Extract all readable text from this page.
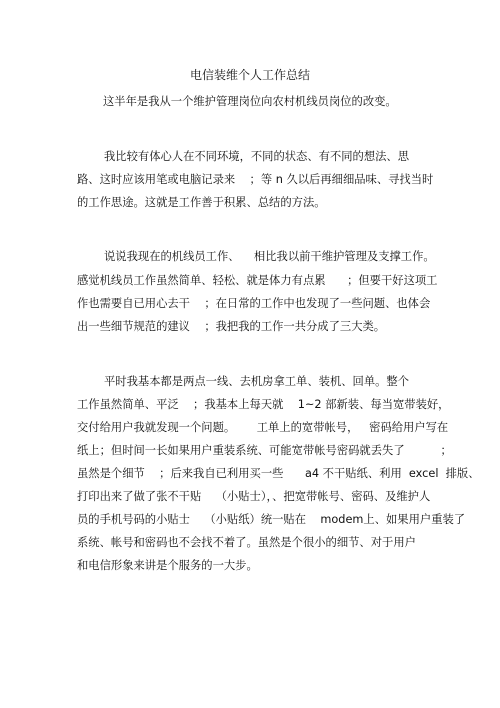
电信装维个人工作总结
这半年是我从一个维护管理岗位向农村机线员岗位的改变。
我比较有体心人在不同环境，不同的状态、有不同的想法、思
路、这时应该用笔或电脑记录来    ；等 n 久以后再细细品味、寻找当时
的工作思途。这就是工作善于积累、总结的方法。
说说我现在的机线员工作、    相比我以前干维护管理及支撑工作。
感觉机线员工作虽然简单、轻松、就是体力有点累      ；但要干好这项工
作也需要自已用心去干    ；在日常的工作中也发现了一些问题、也体会
出一些细节规范的建议    ；我把我的工作一共分成了三大类。
平时我基本都是两点一线、去机房拿工单、装机、回单。整个
工作虽然简单、平泛    ；我基本上每天就    1~2 部新装、每当宽带装好，
交付给用户我就发现一个问题。      工单上的宽带帐号，   密码给用户写在
纸上；但时间一长如果用户重装系统、可能宽带帐号密码就丢失了          ；
虽然是个细节    ；后来我自已利用买一些      a4 不干贴纸、利用  excel  排版、
打印出来了做了张不干贴    （小贴士），、把宽带帐号、密码、及维护人
员的手机号码的小贴士    （小贴纸）统一贴在    modem上、如果用户重装了
系统、帐号和密码也不会找不着了。虽然是个很小的细节、对于用户
和电信形象来讲是个服务的一大步。
